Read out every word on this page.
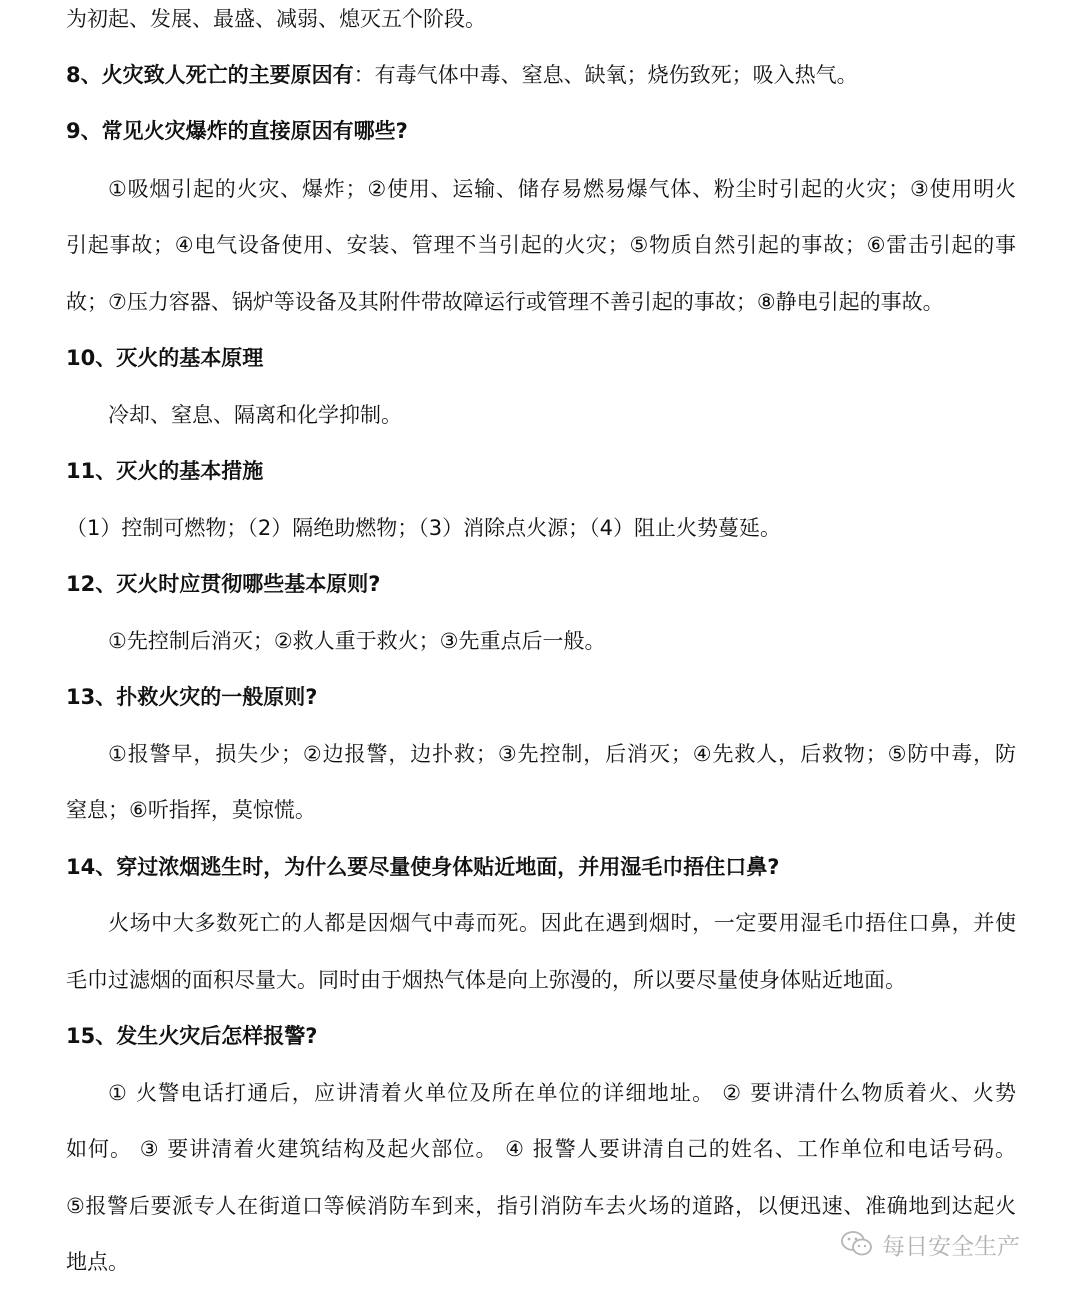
为初起、发展、最盛、减弱、熄灭五个阶段。
8、火灾致人死亡的主要原因有：有毒气体中毒、窒息、缺氧；烧伤致死；吸入热气。
9、常见火灾爆炸的直接原因有哪些?
①吸烟引起的火灾、爆炸；②使用、运输、储存易燃易爆气体、粉尘时引起的火灾；③使用明火
引起事故；④电气设备使用、安装、管理不当引起的火灾；⑤物质自然引起的事故；⑥雷击引起的事
故；⑦压力容器、锅炉等设备及其附件带故障运行或管理不善引起的事故；⑧静电引起的事故。
10、灭火的基本原理
冷却、窒息、隔离和化学抑制。
11、灭火的基本措施
（1）控制可燃物；（2）隔绝助燃物；（3）消除点火源；（4）阻止火势蔓延。
12、灭火时应贯彻哪些基本原则?
①先控制后消灭；②救人重于救火；③先重点后一般。
13、扑救火灾的一般原则?
①报警早，损失少；②边报警，边扑救；③先控制，后消灭；④先救人，后救物；⑤防中毒，防
窒息；⑥听指挥，莫惊慌。
14、穿过浓烟逃生时，为什么要尽量使身体贴近地面，并用湿毛巾捂住口鼻?
火场中大多数死亡的人都是因烟气中毒而死。因此在遇到烟时，一定要用湿毛巾捂住口鼻，并使
毛巾过滤烟的面积尽量大。同时由于烟热气体是向上弥漫的，所以要尽量使身体贴近地面。
15、发生火灾后怎样报警?
① 火警电话打通后，应讲清着火单位及所在单位的详细地址。 ② 要讲清什么物质着火、火势
如何。 ③ 要讲清着火建筑结构及起火部位。 ④ 报警人要讲清自己的姓名、工作单位和电话号码。
⑤报警后要派专人在街道口等候消防车到来，指引消防车去火场的道路，以便迅速、准确地到达起火
地点。
每日安全生产
